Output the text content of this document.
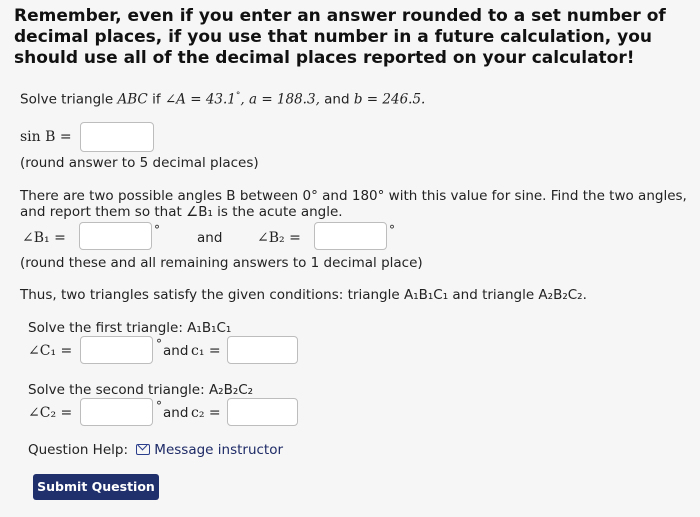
Remember, even if you enter an answer rounded to a set number of decimal places, if you use that number in a future calculation, you should use all of the decimal places reported on your calculator!
Solve triangle ABC if ∠A = 43.1°, a = 188.3, and b = 246.5.
sin B =
(round answer to 5 decimal places)
There are two possible angles B between 0° and 180° with this value for sine. Find the two angles,
and report them so that ∠B₁ is the acute angle.
∠B₁ =	°	and ∠B₂ =	°
(round these and all remaining answers to 1 decimal place)
Thus, two triangles satisfy the given conditions: triangle A₁B₁C₁ and triangle A₂B₂C₂.
Solve the first triangle: A₁B₁C₁
∠C₁ =	° and c₁ =
Solve the second triangle: A₂B₂C₂
∠C₂ =	° and c₂ =
Question Help: Message instructor
Submit Question
